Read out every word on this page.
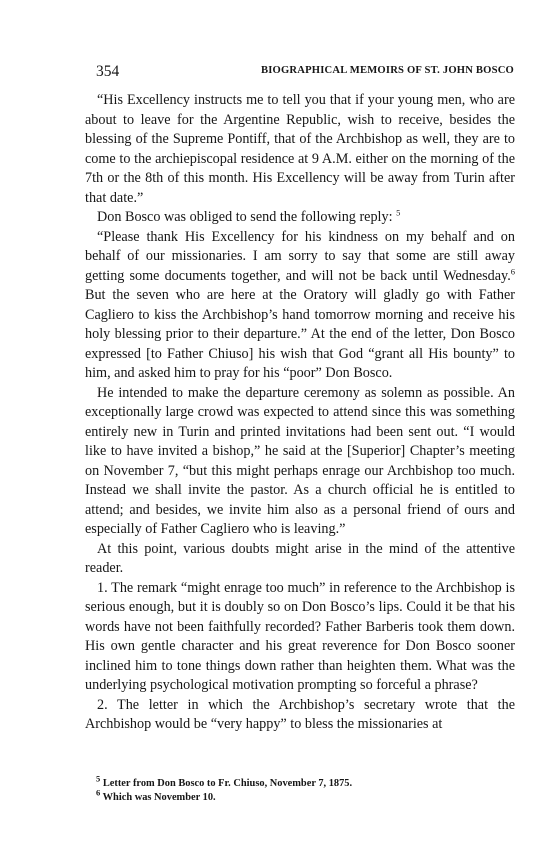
354	BIOGRAPHICAL MEMOIRS OF ST. JOHN BOSCO

“His Excellency instructs me to tell you that if your young men, who are about to leave for the Argentine Republic, wish to receive, besides the blessing of the Supreme Pontiff, that of the Archbishop as well, they are to come to the archiepiscopal residence at 9 A.M. either on the morning of the 7th or the 8th of this month. His Excellency will be away from Turin after that date.”

Don Bosco was obliged to send the following reply: $^5$

“Please thank His Excellency for his kindness on my behalf and on behalf of our missionaries. I am sorry to say that some are still away getting some documents together, and will not be back until Wednesday.$^6$ But the seven who are here at the Oratory will gladly go with Father Cagliero to kiss the Archbishop’s hand tomorrow morning and receive his holy blessing prior to their departure.” At the end of the letter, Don Bosco expressed [to Father Chiuso] his wish that God “grant all His bounty” to him, and asked him to pray for his “poor” Don Bosco.

He intended to make the departure ceremony as solemn as possible. An exceptionally large crowd was expected to attend since this was something entirely new in Turin and printed invitations had been sent out. “I would like to have invited a bishop,” he said at the [Superior] Chapter’s meeting on November 7, “but this might perhaps enrage our Archbishop too much. Instead we shall invite the pastor. As a church official he is entitled to attend; and besides, we invite him also as a personal friend of ours and especially of Father Cagliero who is leaving.”

At this point, various doubts might arise in the mind of the attentive reader.

1. The remark “might enrage too much” in reference to the Archbishop is serious enough, but it is doubly so on Don Bosco’s lips. Could it be that his words have not been faithfully recorded? Father Barberis took them down. His own gentle character and his great reverence for Don Bosco sooner inclined him to tone things down rather than heighten them. What was the underlying psychological motivation prompting so forceful a phrase?

2. The letter in which the Archbishop’s secretary wrote that the Archbishop would be “very happy” to bless the missionaries at

$^5$ Letter from Don Bosco to Fr. Chiuso, November 7, 1875.
$^6$ Which was November 10.
